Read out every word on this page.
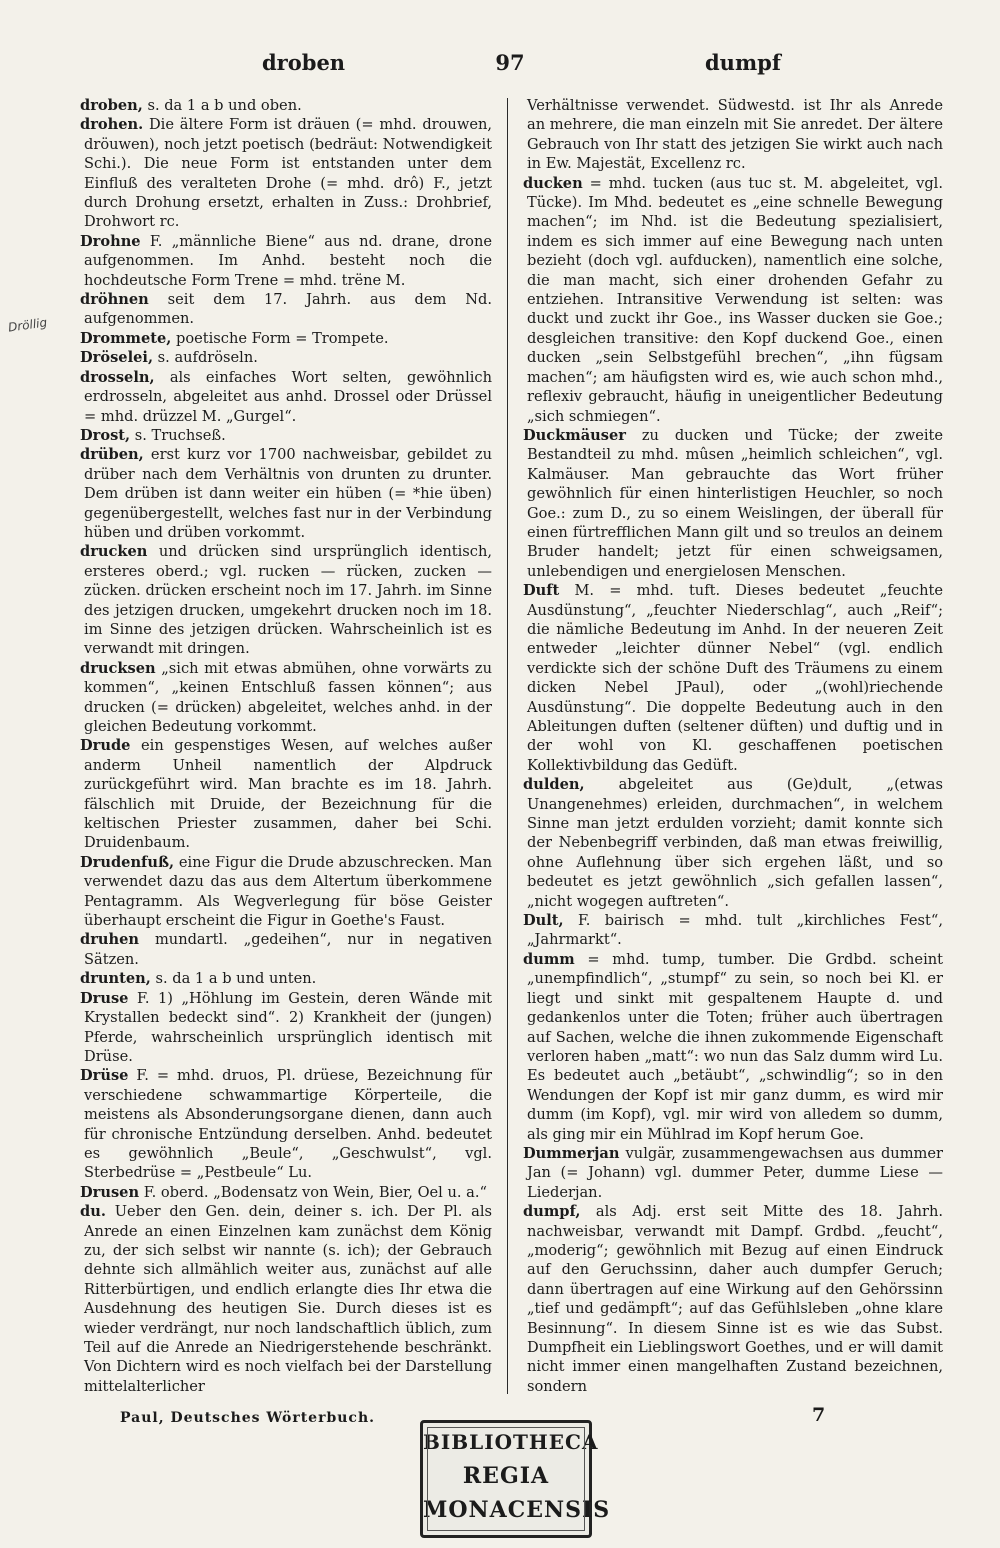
droben	97	dumpf
Dröllig

droben, s. da 1 a b und oben.

drohen. Die ältere Form ist dräuen (= mhd. drouwen, dröuwen), noch jetzt poetisch (bedräut: Notwendigkeit Schi.). Die neue Form ist entstanden unter dem Einfluß des veralteten Drohe (= mhd. drô) F., jetzt durch Drohung ersetzt, erhalten in Zuss.: Drohbrief, Drohwort rc.

Drohne F. „männliche Biene“ aus nd. drane, drone aufgenommen. Im Anhd. besteht noch die hochdeutsche Form Trene = mhd. trëne M.

dröhnen seit dem 17. Jahrh. aus dem Nd. aufgenommen.

Drommete, poetische Form = Trompete.

Dröselei, s. aufdröseln.

drosseln, als einfaches Wort selten, gewöhnlich erdrosseln, abgeleitet aus anhd. Drossel oder Drüssel = mhd. drüzzel M. „Gurgel“.

Drost, s. Truchseß.

drüben, erst kurz vor 1700 nachweisbar, gebildet zu drüber nach dem Verhältnis von drunten zu drunter. Dem drüben ist dann weiter ein hüben (= *hie üben) gegenübergestellt, welches fast nur in der Verbindung hüben und drüben vorkommt.

drucken und drücken sind ursprünglich identisch, ersteres oberd.; vgl. rucken — rücken, zucken — zücken. drücken erscheint noch im 17. Jahrh. im Sinne des jetzigen drucken, umgekehrt drucken noch im 18. im Sinne des jetzigen drücken. Wahrscheinlich ist es verwandt mit dringen.

drucksen „sich mit etwas abmühen, ohne vorwärts zu kommen“, „keinen Entschluß fassen können“; aus drucken (= drücken) abgeleitet, welches anhd. in der gleichen Bedeutung vorkommt.

Drude ein gespenstiges Wesen, auf welches außer anderm Unheil namentlich der Alpdruck zurückgeführt wird. Man brachte es im 18. Jahrh. fälschlich mit Druide, der Bezeichnung für die keltischen Priester zusammen, daher bei Schi. Druidenbaum.

Drudenfuß, eine Figur die Drude abzuschrecken. Man verwendet dazu das aus dem Altertum überkommene Pentagramm. Als Wegverlegung für böse Geister überhaupt erscheint die Figur in Goethe's Faust.

druhen mundartl. „gedeihen“, nur in negativen Sätzen.

drunten, s. da 1 a b und unten.

Druse F. 1) „Höhlung im Gestein, deren Wände mit Krystallen bedeckt sind“. 2) Krankheit der (jungen) Pferde, wahrscheinlich ursprünglich identisch mit Drüse.

Drüse F. = mhd. druos, Pl. drüese, Bezeichnung für verschiedene schwammartige Körperteile, die meistens als Absonderungsorgane dienen, dann auch für chronische Entzündung derselben. Anhd. bedeutet es gewöhnlich „Beule“, „Geschwulst“, vgl. Sterbedrüse = „Pestbeule“ Lu.

Drusen F. oberd. „Bodensatz von Wein, Bier, Oel u. a.“

du. Ueber den Gen. dein, deiner s. ich. Der Pl. als Anrede an einen Einzelnen kam zunächst dem König zu, der sich selbst wir nannte (s. ich); der Gebrauch dehnte sich allmählich weiter aus, zunächst auf alle Ritterbürtigen, und endlich erlangte dies Ihr etwa die Ausdehnung des heutigen Sie. Durch dieses ist es wieder verdrängt, nur noch landschaftlich üblich, zum Teil auf die Anrede an Niedrigerstehende beschränkt. Von Dichtern wird es noch vielfach bei der Darstellung mittelalterlicher

Verhältnisse verwendet. Südwestd. ist Ihr als Anrede an mehrere, die man einzeln mit Sie anredet. Der ältere Gebrauch von Ihr statt des jetzigen Sie wirkt auch nach in Ew. Majestät, Excellenz rc.

ducken = mhd. tucken (aus tuc st. M. abgeleitet, vgl. Tücke). Im Mhd. bedeutet es „eine schnelle Bewegung machen“; im Nhd. ist die Bedeutung spezialisiert, indem es sich immer auf eine Bewegung nach unten bezieht (doch vgl. aufducken), namentlich eine solche, die man macht, sich einer drohenden Gefahr zu entziehen. Intransitive Verwendung ist selten: was duckt und zuckt ihr Goe., ins Wasser ducken sie Goe.; desgleichen transitive: den Kopf duckend Goe., einen ducken „sein Selbstgefühl brechen“, „ihn fügsam machen“; am häufigsten wird es, wie auch schon mhd., reflexiv gebraucht, häufig in uneigentlicher Bedeutung „sich schmiegen“.

Duckmäuser zu ducken und Tücke; der zweite Bestandteil zu mhd. mûsen „heimlich schleichen“, vgl. Kalmäuser. Man gebrauchte das Wort früher gewöhnlich für einen hinterlistigen Heuchler, so noch Goe.: zum D., zu so einem Weislingen, der überall für einen fürtrefflichen Mann gilt und so treulos an deinem Bruder handelt; jetzt für einen schweigsamen, unlebendigen und energielosen Menschen.

Duft M. = mhd. tuft. Dieses bedeutet „feuchte Ausdünstung“, „feuchter Niederschlag“, auch „Reif“; die nämliche Bedeutung im Anhd. In der neueren Zeit entweder „leichter dünner Nebel“ (vgl. endlich verdickte sich der schöne Duft des Träumens zu einem dicken Nebel JPaul), oder „(wohl)riechende Ausdünstung“. Die doppelte Bedeutung auch in den Ableitungen duften (seltener düften) und duftig und in der wohl von Kl. geschaffenen poetischen Kollektivbildung das Gedüft.

dulden, abgeleitet aus (Ge)dult, „(etwas Unangenehmes) erleiden, durchmachen“, in welchem Sinne man jetzt erdulden vorzieht; damit konnte sich der Nebenbegriff verbinden, daß man etwas freiwillig, ohne Auflehnung über sich ergehen läßt, und so bedeutet es jetzt gewöhnlich „sich gefallen lassen“, „nicht wogegen auftreten“.

Dult, F. bairisch = mhd. tult „kirchliches Fest“, „Jahrmarkt“.

dumm = mhd. tump, tumber. Die Grdbd. scheint „unempfindlich“, „stumpf“ zu sein, so noch bei Kl. er liegt und sinkt mit gespaltenem Haupte d. und gedankenlos unter die Toten; früher auch übertragen auf Sachen, welche die ihnen zukommende Eigenschaft verloren haben „matt“: wo nun das Salz dumm wird Lu. Es bedeutet auch „betäubt“, „schwindlig“; so in den Wendungen der Kopf ist mir ganz dumm, es wird mir dumm (im Kopf), vgl. mir wird von alledem so dumm, als ging mir ein Mühlrad im Kopf herum Goe.

Dummerjan vulgär, zusammengewachsen aus dummer Jan (= Johann) vgl. dummer Peter, dumme Liese — Liederjan.

dumpf, als Adj. erst seit Mitte des 18. Jahrh. nachweisbar, verwandt mit Dampf. Grdbd. „feucht“, „moderig“; gewöhnlich mit Bezug auf einen Eindruck auf den Geruchssinn, daher auch dumpfer Geruch; dann übertragen auf eine Wirkung auf den Gehörssinn „tief und gedämpft“; auf das Gefühlsleben „ohne klare Besinnung“. In diesem Sinne ist es wie das Subst. Dumpfheit ein Lieblingswort Goethes, und er will damit nicht immer einen mangelhaften Zustand bezeichnen, sondern

Paul, Deutsches Wörterbuch.	7
BIBLIOTHECA
REGIA
MONACENSIS
